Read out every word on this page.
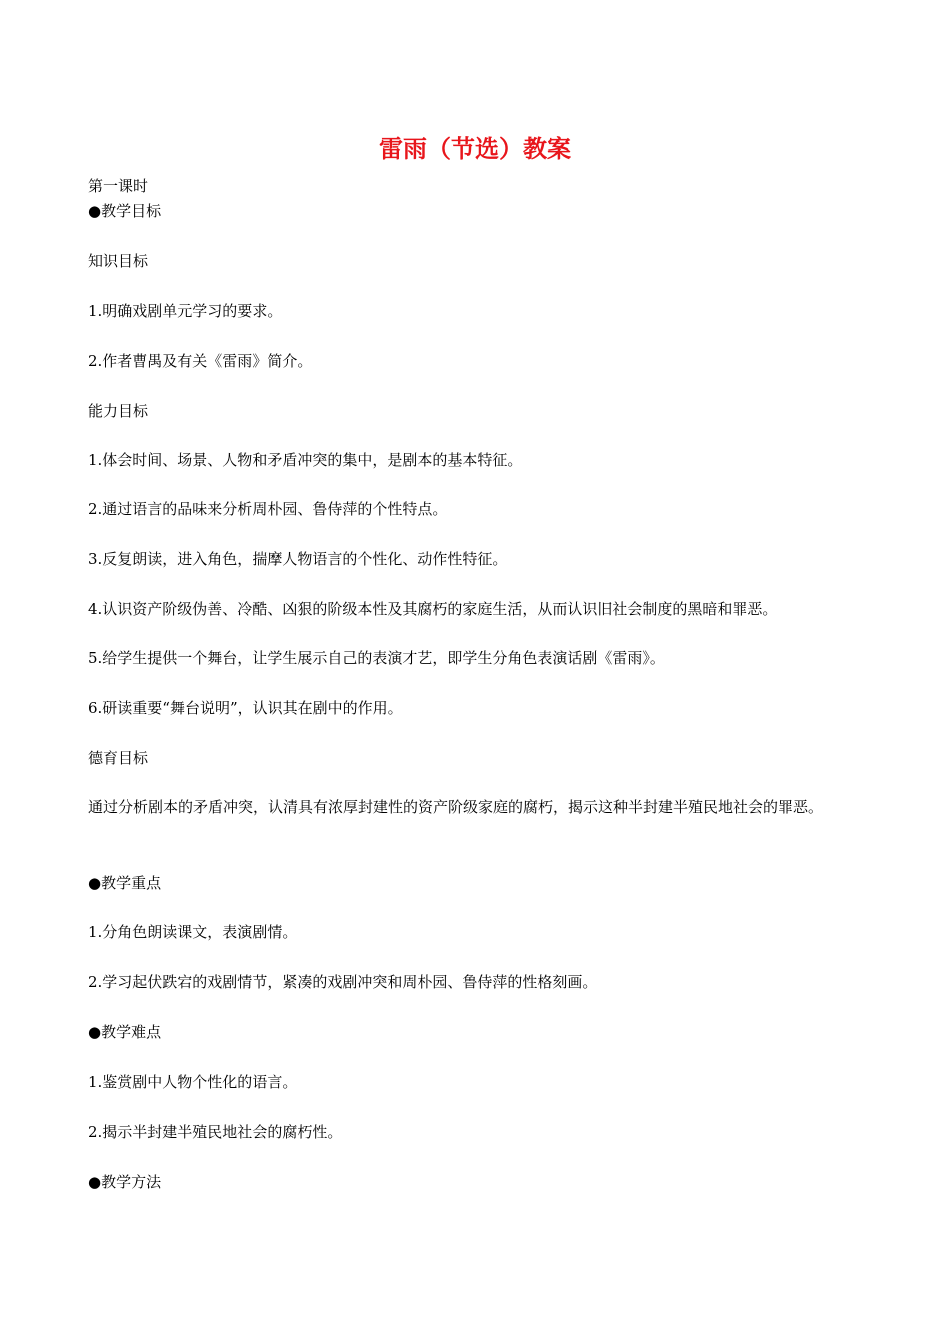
雷雨（节选）教案

第一课时

●教学目标

知识目标

1.明确戏剧单元学习的要求。

2.作者曹禺及有关《雷雨》简介。

能力目标

1.体会时间、场景、人物和矛盾冲突的集中，是剧本的基本特征。

2.通过语言的品味来分析周朴园、鲁侍萍的个性特点。

3.反复朗读，进入角色，揣摩人物语言的个性化、动作性特征。

4.认识资产阶级伪善、冷酷、凶狠的阶级本性及其腐朽的家庭生活，从而认识旧社会制度的黑暗和罪恶。

5.给学生提供一个舞台，让学生展示自己的表演才艺，即学生分角色表演话剧《雷雨》。

6.研读重要“舞台说明”，认识其在剧中的作用。

德育目标

通过分析剧本的矛盾冲突，认清具有浓厚封建性的资产阶级家庭的腐朽，揭示这种半封建半殖民地社会的罪恶。

●教学重点

1.分角色朗读课文，表演剧情。

2.学习起伏跌宕的戏剧情节，紧凑的戏剧冲突和周朴园、鲁侍萍的性格刻画。

●教学难点

1.鉴赏剧中人物个性化的语言。

2.揭示半封建半殖民地社会的腐朽性。

●教学方法
